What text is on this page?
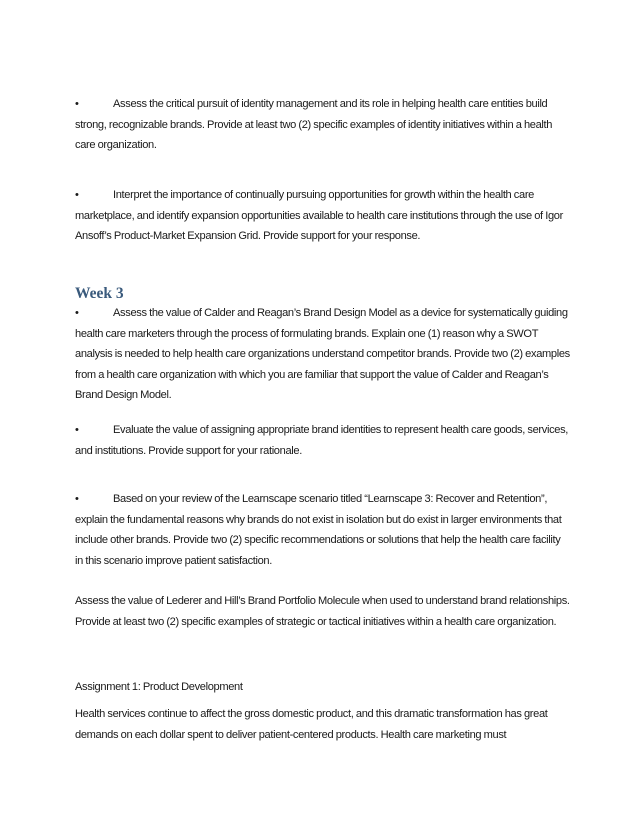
•	Assess the critical pursuit of identity management and its role in helping health care entities build strong, recognizable brands. Provide at least two (2) specific examples of identity initiatives within a health care organization.
•	Interpret the importance of continually pursuing opportunities for growth within the health care marketplace, and identify expansion opportunities available to health care institutions through the use of Igor Ansoff’s Product-Market Expansion Grid. Provide support for your response.
Week 3
•	Assess the value of Calder and Reagan’s Brand Design Model as a device for systematically guiding health care marketers through the process of formulating brands. Explain one (1) reason why a SWOT analysis is needed to help health care organizations understand competitor brands. Provide two (2) examples from a health care organization with which you are familiar that support the value of Calder and Reagan’s Brand Design Model.
•	Evaluate the value of assigning appropriate brand identities to represent health care goods, services, and institutions. Provide support for your rationale.
•	Based on your review of the Learnscape scenario titled “Learnscape 3: Recover and Retention”, explain the fundamental reasons why brands do not exist in isolation but do exist in larger environments that include other brands. Provide two (2) specific recommendations or solutions that help the health care facility in this scenario improve patient satisfaction.
Assess the value of Lederer and Hill’s Brand Portfolio Molecule when used to understand brand relationships. Provide at least two (2) specific examples of strategic or tactical initiatives within a health care organization.
Assignment 1: Product Development
Health services continue to affect the gross domestic product, and this dramatic transformation has great demands on each dollar spent to deliver patient-centered products. Health care marketing must
